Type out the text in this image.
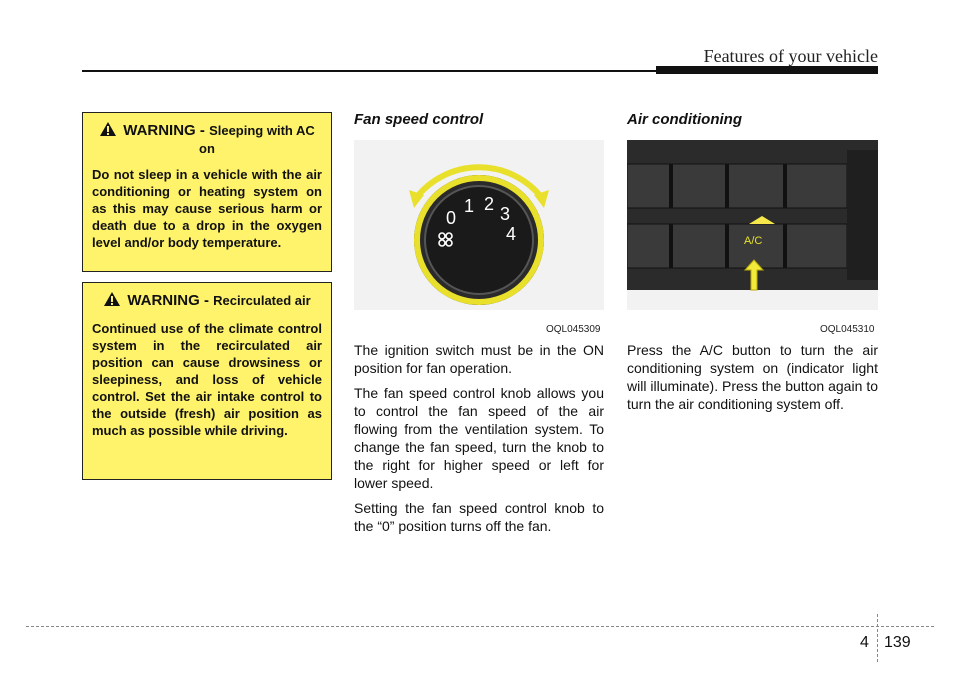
Features of your vehicle
WARNING - Sleeping with AC on
Do not sleep in a vehicle with the air conditioning or heating system on as this may cause serious harm or death due to a drop in the oxygen level and/or body temperature.
WARNING - Recirculated air
Continued use of the climate control system in the recirculated air position can cause drowsiness or sleepiness, and loss of vehicle control. Set the air intake control to the outside (fresh) air position as much as possible while driving.
Fan speed control
0
1 2 3
4
OQL045309

The ignition switch must be in the ON position for fan operation.

The fan speed control knob allows you to control the fan speed of the air flowing from the ventilation system. To change the fan speed, turn the knob to the right for higher speed or left for lower speed.

Setting the fan speed control knob to the “0” position turns off the fan.

Air conditioning
A/C
OQL045310

Press the A/C button to turn the air conditioning system on (indicator light will illuminate). Press the button again to turn the air conditioning system off.

4 139
